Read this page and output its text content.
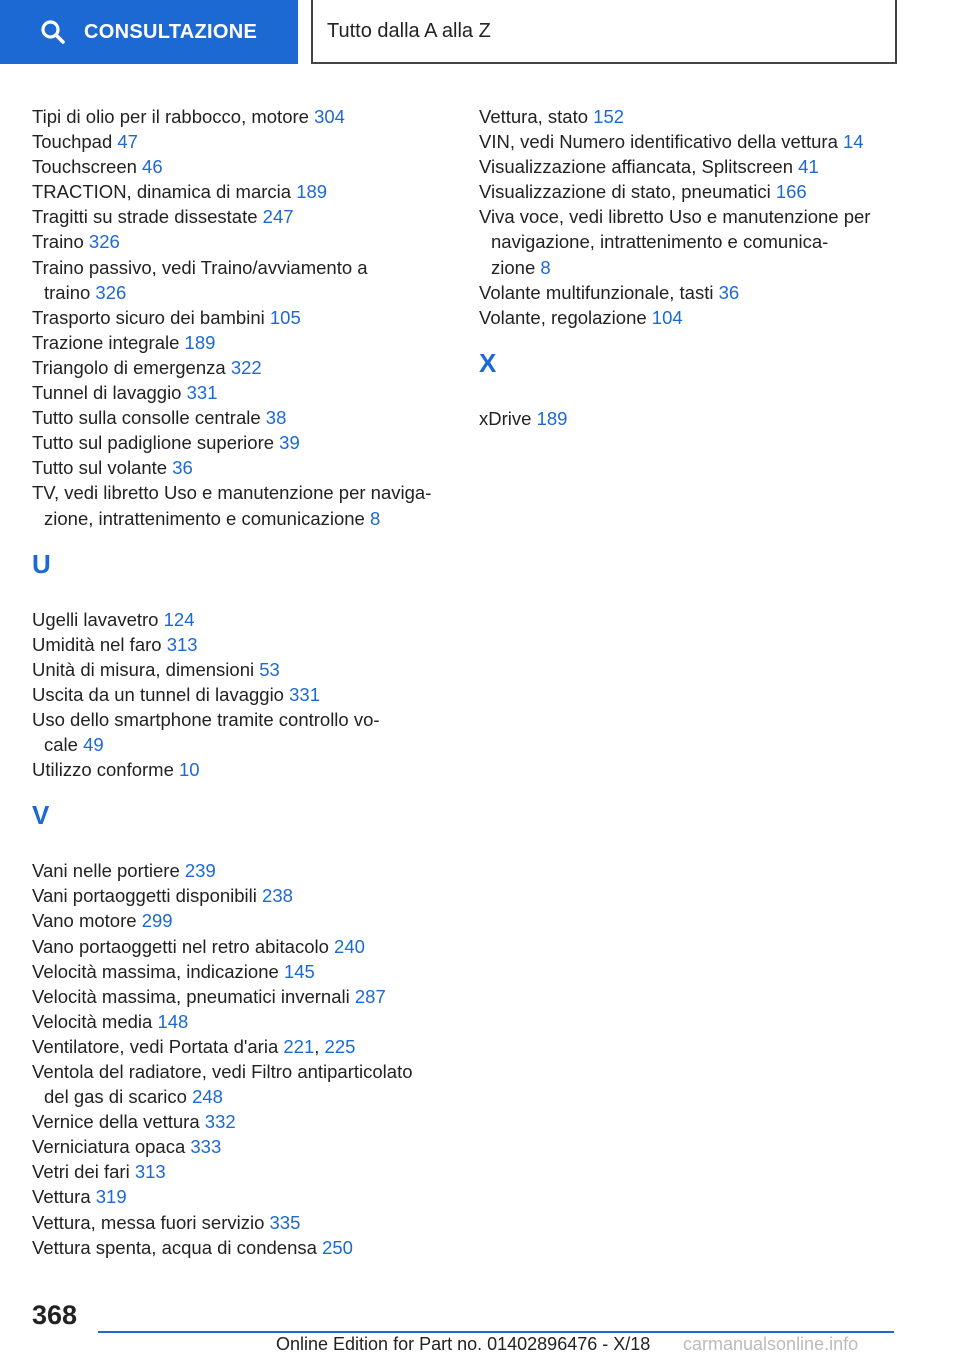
CONSULTAZIONE	Tutto dalla A alla Z
Tipi di olio per il rabbocco, motore 304
Touchpad 47
Touchscreen 46
TRACTION, dinamica di marcia 189
Tragitti su strade dissestate 247
Traino 326
Traino passivo, vedi Traino/avviamento a
traino 326
Trasporto sicuro dei bambini 105
Trazione integrale 189
Triangolo di emergenza 322
Tunnel di lavaggio 331
Tutto sulla consolle centrale 38
Tutto sul padiglione superiore 39
Tutto sul volante 36
TV, vedi libretto Uso e manutenzione per naviga-
zione, intrattenimento e comunicazione 8
U
Ugelli lavavetro 124
Umidità nel faro 313
Unità di misura, dimensioni 53
Uscita da un tunnel di lavaggio 331
Uso dello smartphone tramite controllo vo-
cale 49
Utilizzo conforme 10
V
Vani nelle portiere 239
Vani portaoggetti disponibili 238
Vano motore 299
Vano portaoggetti nel retro abitacolo 240
Velocità massima, indicazione 145
Velocità massima, pneumatici invernali 287
Velocità media 148
Ventilatore, vedi Portata d'aria 221, 225
Ventola del radiatore, vedi Filtro antiparticolato
del gas di scarico 248
Vernice della vettura 332
Verniciatura opaca 333
Vetri dei fari 313
Vettura 319
Vettura, messa fuori servizio 335
Vettura spenta, acqua di condensa 250
Vettura, stato 152
VIN, vedi Numero identificativo della vettura 14
Visualizzazione affiancata, Splitscreen 41
Visualizzazione di stato, pneumatici 166
Viva voce, vedi libretto Uso e manutenzione per
navigazione, intrattenimento e comunica-
zione 8
Volante multifunzionale, tasti 36
Volante, regolazione 104
X
xDrive 189
368
Online Edition for Part no. 01402896476 - X/18 carmanualsonline.info
